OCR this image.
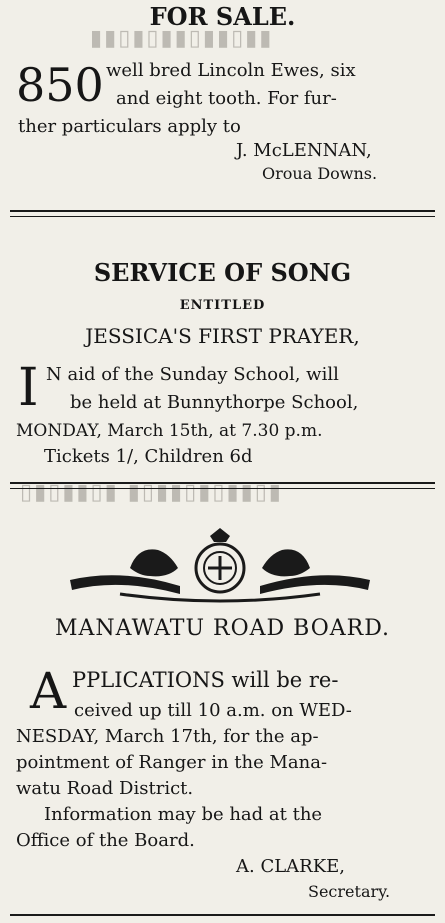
▮▮▯▮▯▮▮▯▮▮▯▮▮
▯▮▯▮▮▯▮ ▮▯▮▮▯▮▯▮▮▯▮
FOR SALE.
850 well bred Lincoln Ewes, six
and eight tooth. For fur-
ther particulars apply to
J. McLENNAN,
Oroua Downs.
SERVICE OF SONG
ENTITLED
JESSICA'S FIRST PRAYER,
I N aid of the Sunday School, will
be held at Bunnythorpe School,
MONDAY, March 15th, at 7.30 p.m.
Tickets 1/, Children 6d
MANAWATU ROAD BOARD.
A PPLICATIONS will be re-
ceived up till 10 a.m. on WED-
NESDAY, March 17th, for the ap-
pointment of Ranger in the Mana-
watu Road District.
Information may be had at the
Office of the Board.
A. CLARKE,
Secretary.
